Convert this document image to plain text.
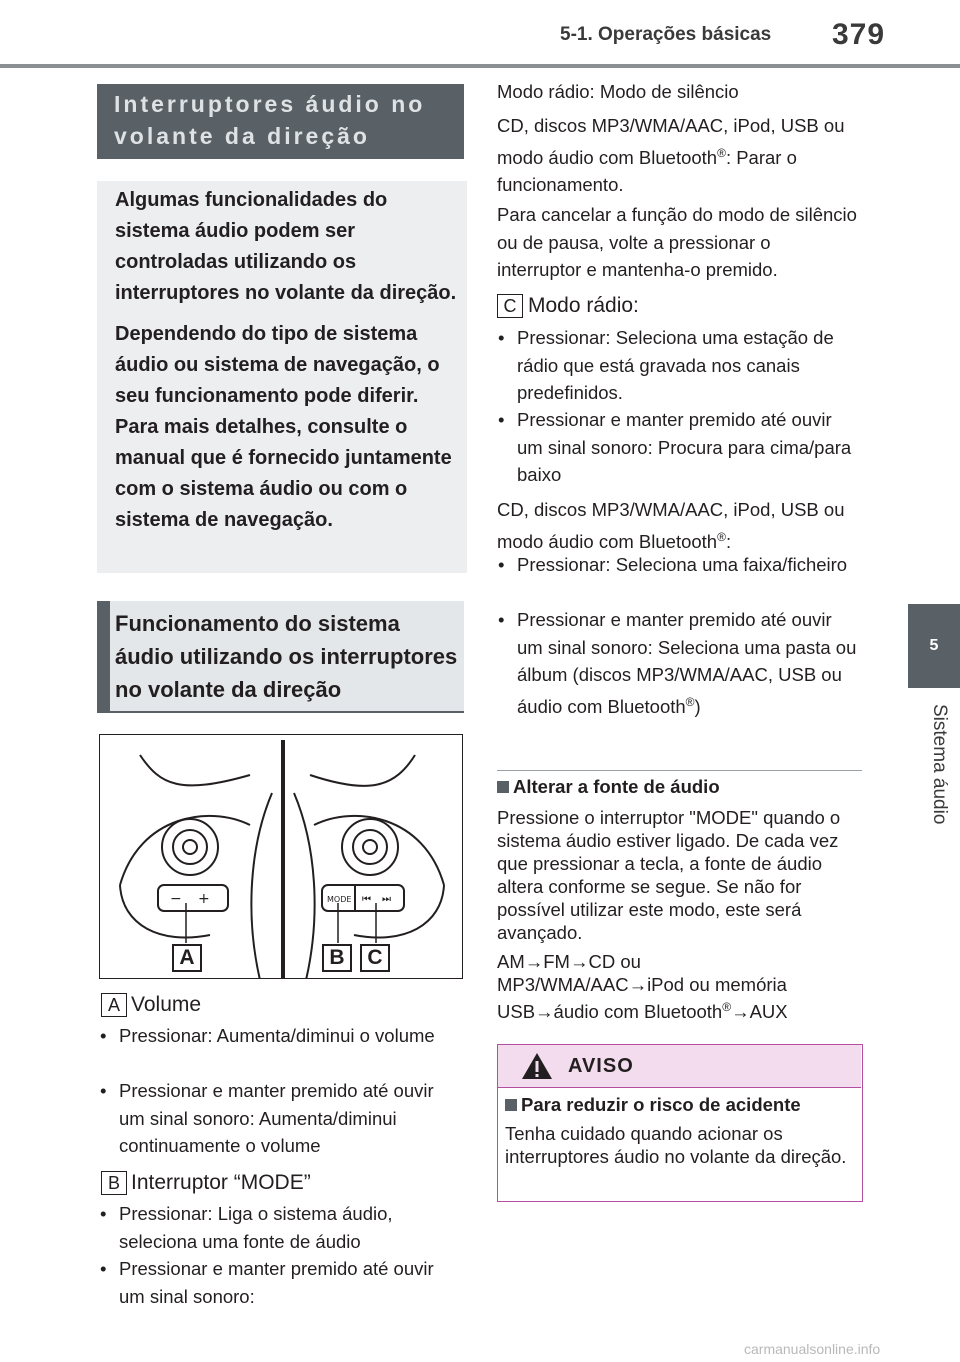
5-1. Operações básicas 379
5
Sistema áudio
Interruptores áudio no volante da direção

Algumas funcionalidades do sistema áudio podem ser controladas utilizando os interruptores no volante da direção.

Dependendo do tipo de sistema áudio ou sistema de navegação, o seu funcionamento pode diferir. Para mais detalhes, consulte o manual que é fornecido juntamente com o sistema áudio ou com o sistema de navegação.

Funcionamento do sistema áudio utilizando os interruptores no volante da direção
− +	MODE ⏮ ⏭
A	B	C
A Volume
• Pressionar: Aumenta/diminui o volume
• Pressionar e manter premido até ouvir um sinal sonoro: Aumenta/diminui continuamente o volume
B Interruptor “MODE”
• Pressionar: Liga o sistema áudio, seleciona uma fonte de áudio
• Pressionar e manter premido até ouvir um sinal sonoro:
Modo rádio: Modo de silêncio
CD, discos MP3/WMA/AAC, iPod, USB ou modo áudio com Bluetooth®: Parar o funcionamento.
Para cancelar a função do modo de silêncio ou de pausa, volte a pressionar o interruptor e mantenha-o premido.
C Modo rádio:
• Pressionar: Seleciona uma estação de rádio que está gravada nos canais predefinidos.
• Pressionar e manter premido até ouvir um sinal sonoro: Procura para cima/para baixo
CD, discos MP3/WMA/AAC, iPod, USB ou modo áudio com Bluetooth®:
• Pressionar: Seleciona uma faixa/ficheiro
• Pressionar e manter premido até ouvir um sinal sonoro: Seleciona uma pasta ou álbum (discos MP3/WMA/AAC, USB ou áudio com Bluetooth®)
Alterar a fonte de áudio
Pressione o interruptor "MODE" quando o sistema áudio estiver ligado. De cada vez que pressionar a tecla, a fonte de áudio altera conforme se segue. Se não for possível utilizar este modo, este será avançado.
AM→FM→CD ou
MP3/WMA/AAC→iPod ou memória
USB→áudio com Bluetooth®→AUX
AVISO
Para reduzir o risco de acidente
Tenha cuidado quando acionar os interruptores áudio no volante da direção.
carmanualsonline.info
